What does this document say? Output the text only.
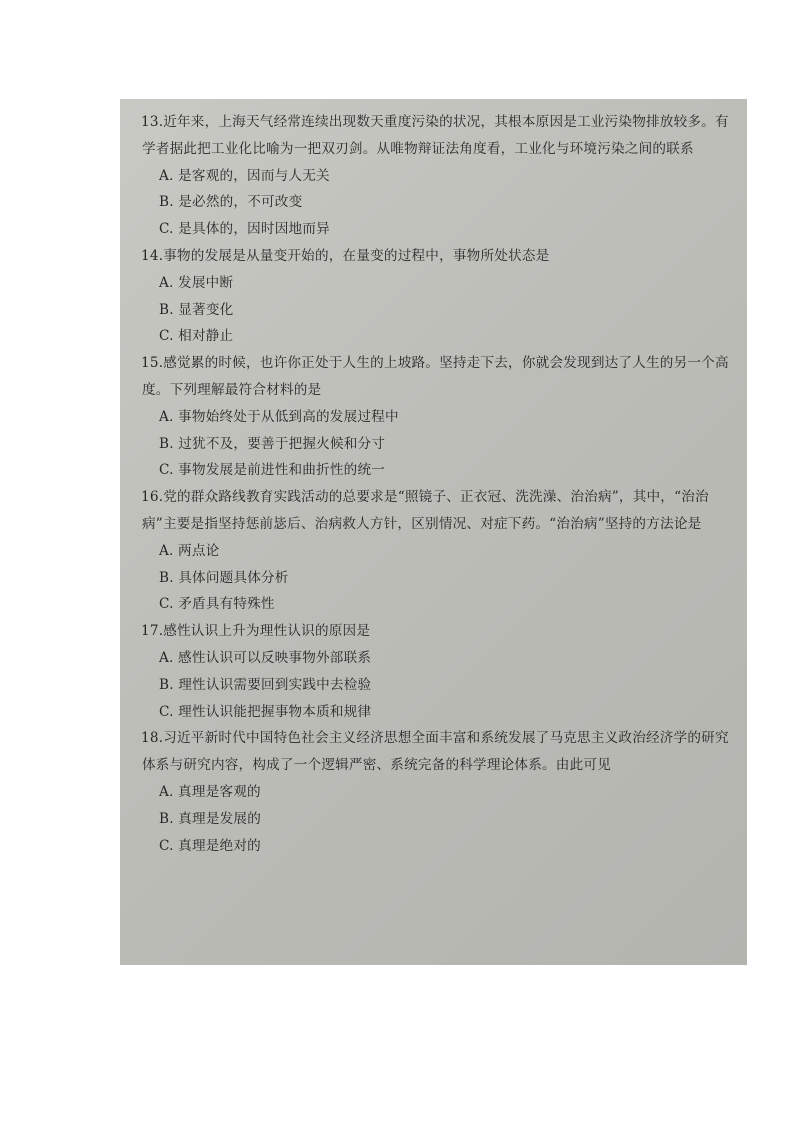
13.近年来，上海天气经常连续出现数天重度污染的状况，其根本原因是工业污染物排放较多。有学者据此把工业化比喻为一把双刃剑。从唯物辩证法角度看，工业化与环境污染之间的联系
A. 是客观的，因而与人无关
B. 是必然的，不可改变
C. 是具体的，因时因地而异
14.事物的发展是从量变开始的，在量变的过程中，事物所处状态是
A. 发展中断
B. 显著变化
C. 相对静止
15.感觉累的时候，也许你正处于人生的上坡路。坚持走下去，你就会发现到达了人生的另一个高度。下列理解最符合材料的是
A. 事物始终处于从低到高的发展过程中
B. 过犹不及，要善于把握火候和分寸
C. 事物发展是前进性和曲折性的统一
16.党的群众路线教育实践活动的总要求是“照镜子、正衣冠、洗洗澡、治治病”，其中，“治治病”主要是指坚持惩前毖后、治病救人方针，区别情况、对症下药。“治治病”坚持的方法论是
A. 两点论
B. 具体问题具体分析
C. 矛盾具有特殊性
17.感性认识上升为理性认识的原因是
A. 感性认识可以反映事物外部联系
B. 理性认识需要回到实践中去检验
C. 理性认识能把握事物本质和规律
18.习近平新时代中国特色社会主义经济思想全面丰富和系统发展了马克思主义政治经济学的研究体系与研究内容，构成了一个逻辑严密、系统完备的科学理论体系。由此可见
A. 真理是客观的
B. 真理是发展的
C. 真理是绝对的
